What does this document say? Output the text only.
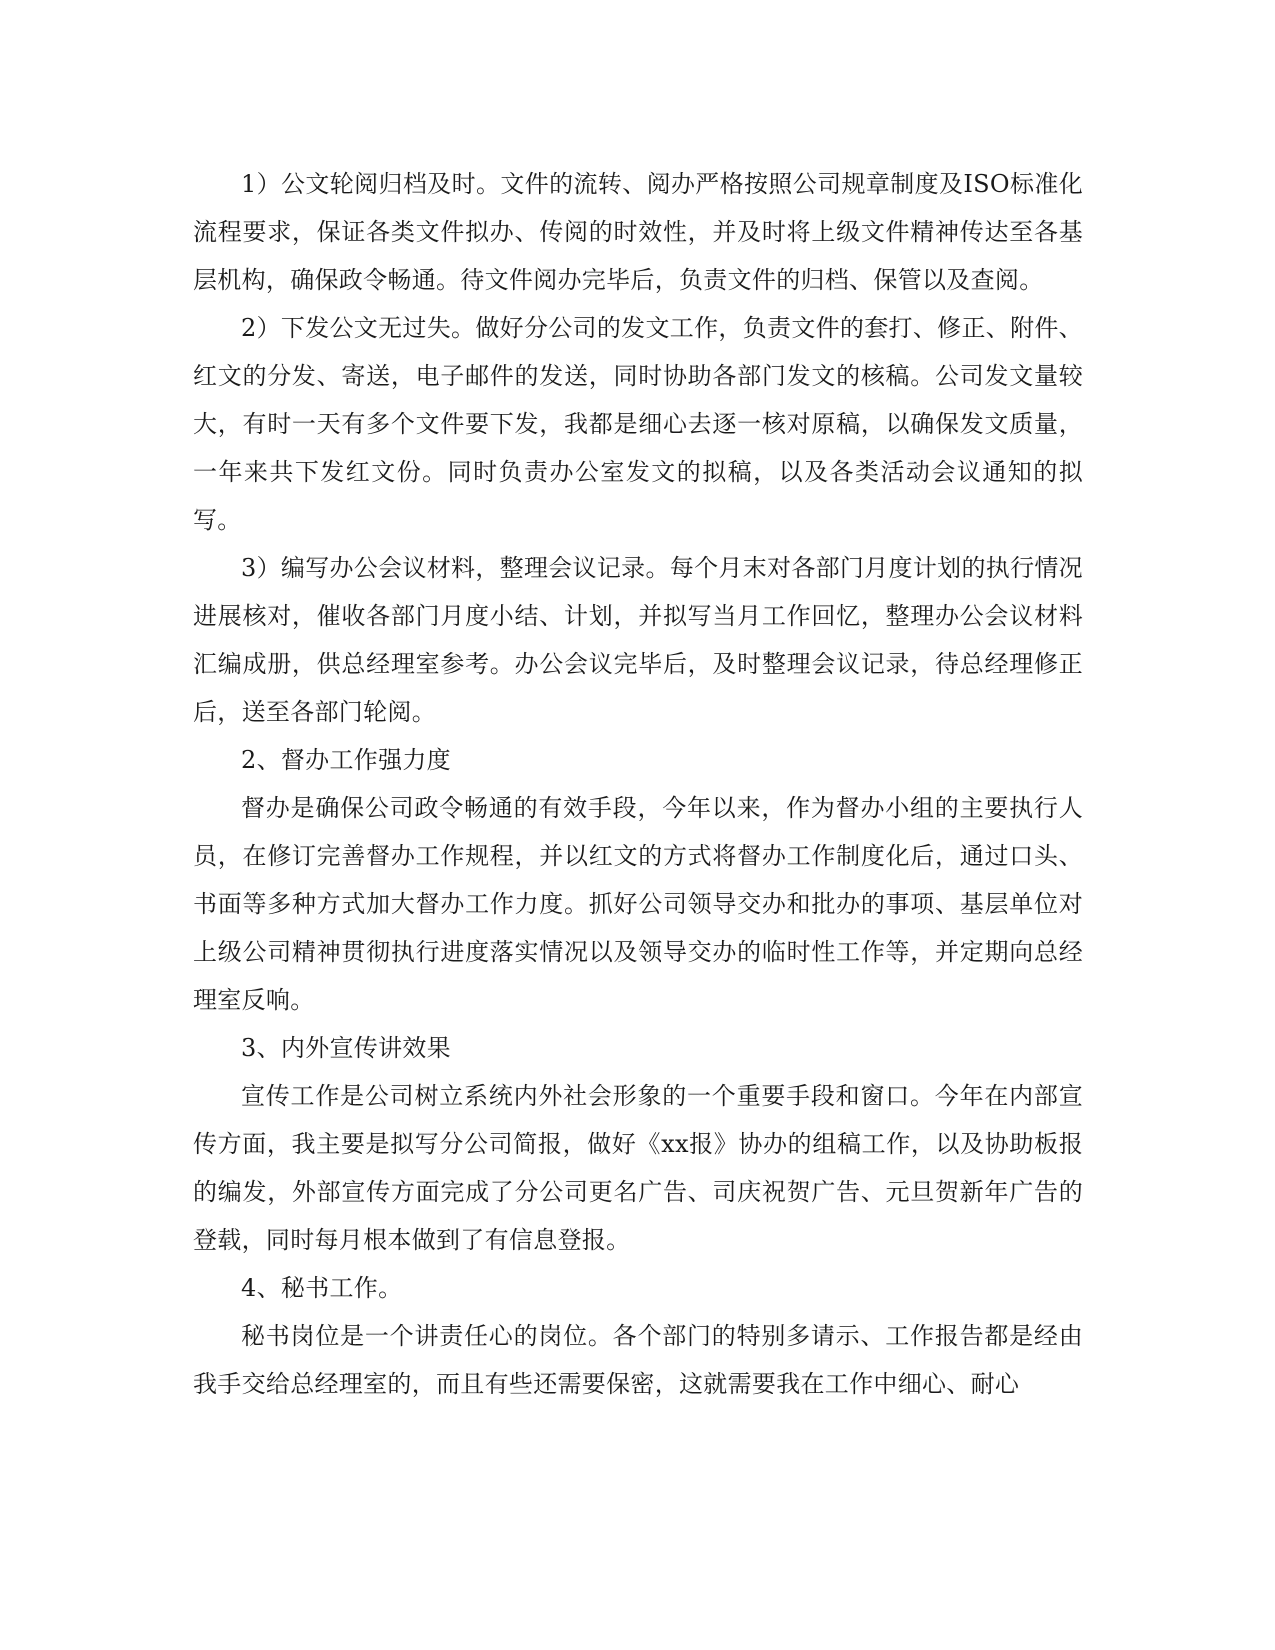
1）公文轮阅归档及时。文件的流转、阅办严格按照公司规章制度及ISO标准化流程要求，保证各类文件拟办、传阅的时效性，并及时将上级文件精神传达至各基层机构，确保政令畅通。待文件阅办完毕后，负责文件的归档、保管以及查阅。

2）下发公文无过失。做好分公司的发文工作，负责文件的套打、修正、附件、红文的分发、寄送，电子邮件的发送，同时协助各部门发文的核稿。公司发文量较大，有时一天有多个文件要下发，我都是细心去逐一核对原稿，以确保发文质量，一年来共下发红文份。同时负责办公室发文的拟稿，以及各类活动会议通知的拟写。

3）编写办公会议材料，整理会议记录。每个月末对各部门月度计划的执行情况进展核对，催收各部门月度小结、计划，并拟写当月工作回忆，整理办公会议材料汇编成册，供总经理室参考。办公会议完毕后，及时整理会议记录，待总经理修正后，送至各部门轮阅。

2、督办工作强力度

督办是确保公司政令畅通的有效手段，今年以来，作为督办小组的主要执行人员，在修订完善督办工作规程，并以红文的方式将督办工作制度化后，通过口头、书面等多种方式加大督办工作力度。抓好公司领导交办和批办的事项、基层单位对上级公司精神贯彻执行进度落实情况以及领导交办的临时性工作等，并定期向总经理室反响。

3、内外宣传讲效果

宣传工作是公司树立系统内外社会形象的一个重要手段和窗口。今年在内部宣传方面，我主要是拟写分公司简报，做好《xx报》协办的组稿工作，以及协助板报的编发，外部宣传方面完成了分公司更名广告、司庆祝贺广告、元旦贺新年广告的登载，同时每月根本做到了有信息登报。

4、秘书工作。

秘书岗位是一个讲责任心的岗位。各个部门的特别多请示、工作报告都是经由我手交给总经理室的，而且有些还需要保密，这就需要我在工作中细心、耐心
